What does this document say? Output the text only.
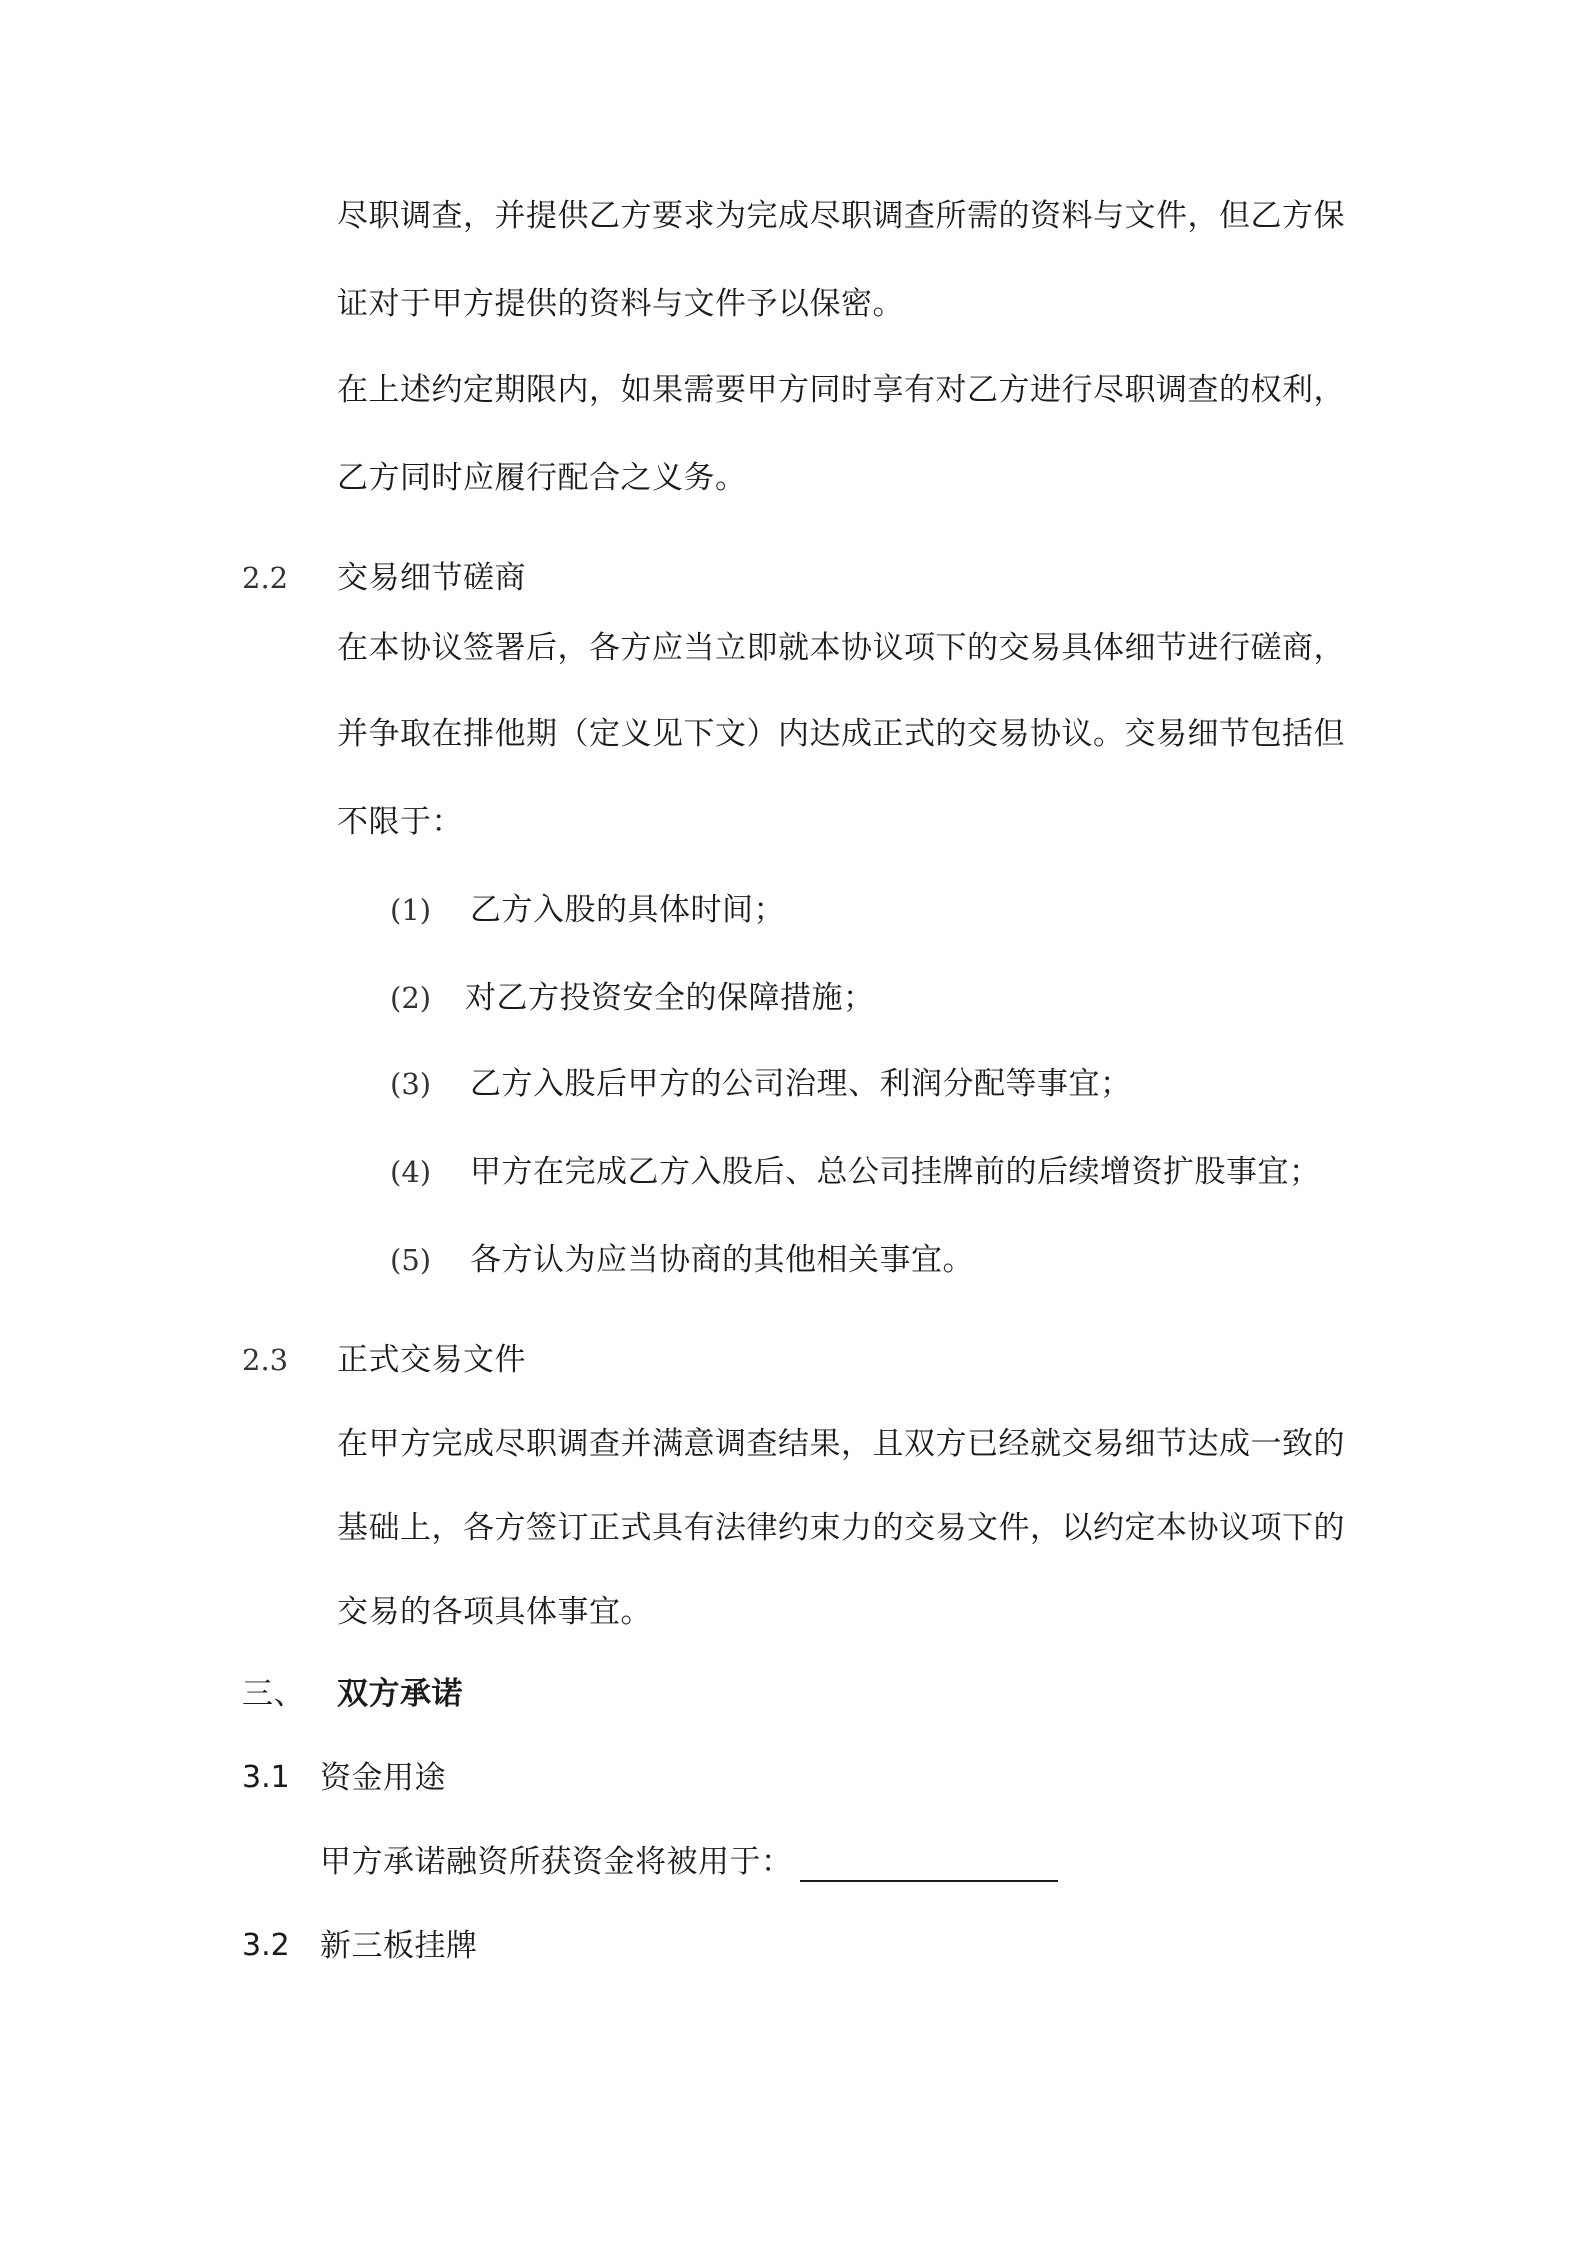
尽职调查，并提供乙方要求为完成尽职调查所需的资料与文件，但乙方保
证对于甲方提供的资料与文件予以保密。
在上述约定期限内，如果需要甲方同时享有对乙方进行尽职调查的权利，
乙方同时应履行配合之义务。
2.2 交易细节磋商
在本协议签署后，各方应当立即就本协议项下的交易具体细节进行磋商，
并争取在排他期（定义见下文）内达成正式的交易协议。交易细节包括但
不限于：
(1) 乙方入股的具体时间；
(2) 对乙方投资安全的保障措施；
(3) 乙方入股后甲方的公司治理、利润分配等事宜；
(4) 甲方在完成乙方入股后、总公司挂牌前的后续增资扩股事宜；
(5) 各方认为应当协商的其他相关事宜。
2.3 正式交易文件
在甲方完成尽职调查并满意调查结果，且双方已经就交易细节达成一致的
基础上，各方签订正式具有法律约束力的交易文件，以约定本协议项下的
交易的各项具体事宜。
三、 双方承诺
3.1 资金用途
甲方承诺融资所获资金将被用于：
3.2 新三板挂牌
